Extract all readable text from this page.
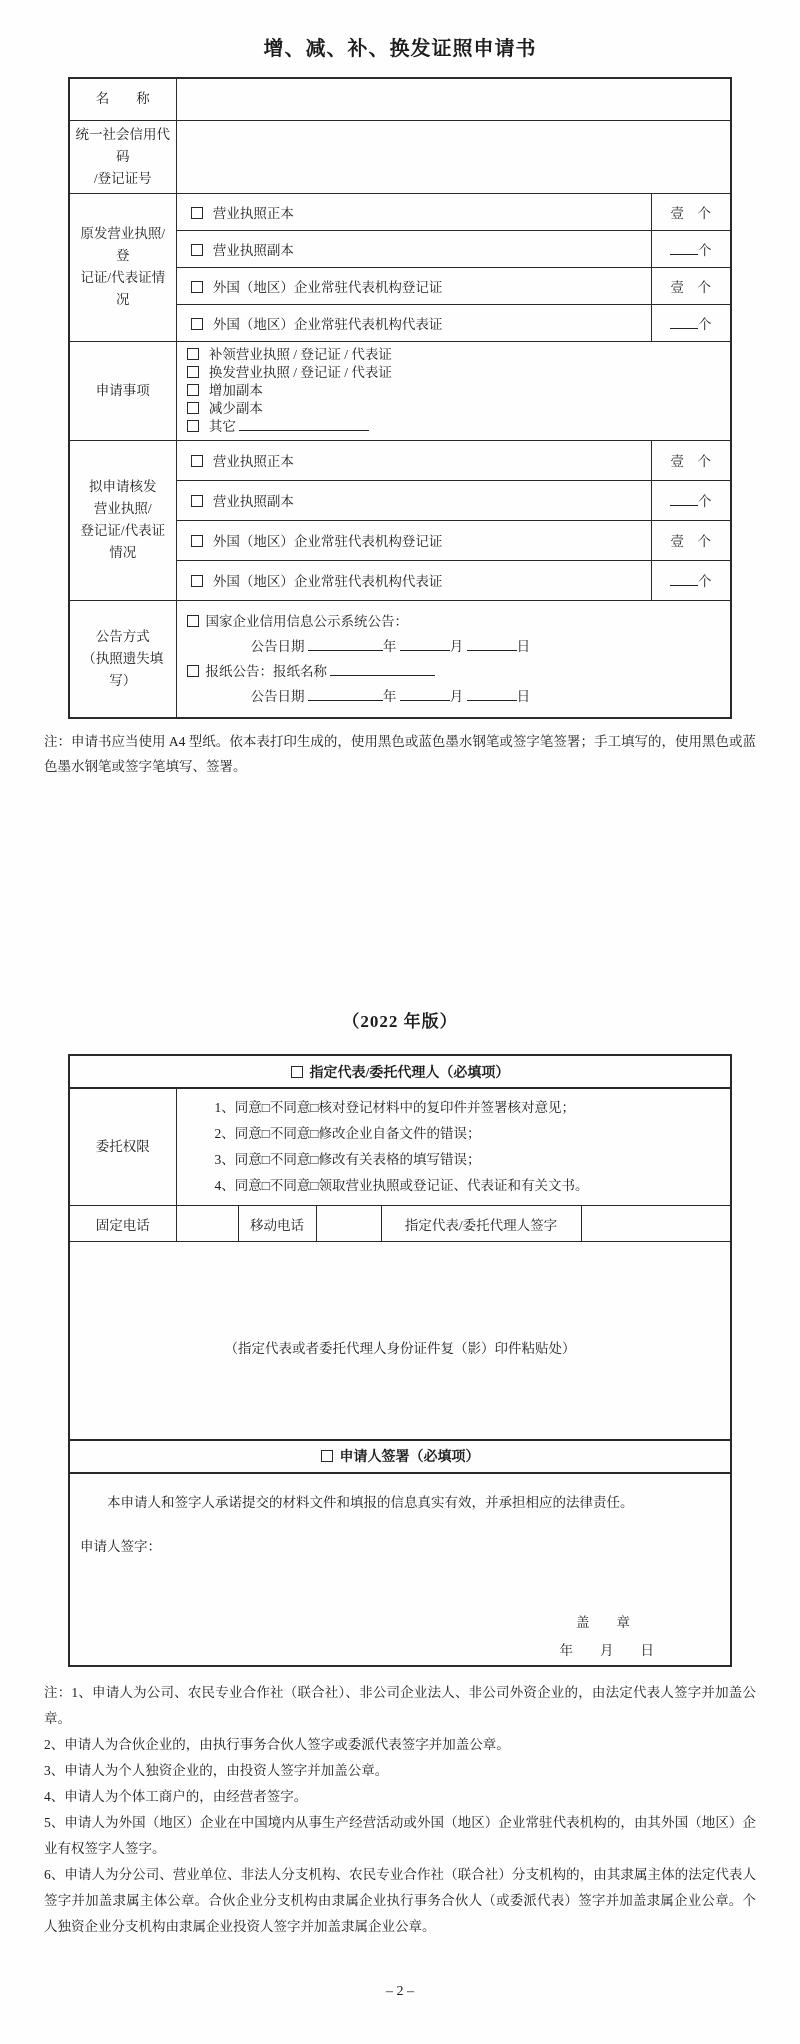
增、减、补、换发证照申请书
名　　称		

统一社会信用代码
/登记证号		

原发营业执照/登
记证/代表证情况	营业执照正本	壹　个
	营业执照副本	个
	外国（地区）企业常驻代表机构登记证	壹　个
	外国（地区）企业常驻代表机构代表证	个
申请事项	补领营业执照 / 登记证 / 代表证
换发营业执照 / 登记证 / 代表证
增加副本
减少副本
其它	

拟申请核发
营业执照/
登记证/代表证
情况	营业执照正本	壹　个
	营业执照副本	个
	外国（地区）企业常驻代表机构登记证	壹　个
	外国（地区）企业常驻代表机构代表证	个

公告方式
（执照遗失填写）

国家企业信用信息公示系统公告：
公告日期	年	月	日
报纸公告：报纸名称
公告日期	年	月	日

注：申请书应当使用 A4 型纸。依本表打印生成的，使用黑色或蓝色墨水钢笔或签字笔签署；手工填写的，使用黑色或蓝色墨水钢笔或签字笔填写、签署。

（2022 年版）
指定代表/委托代理人（必填项）					
委托权限	1、同意□不同意□核对登记材料中的复印件并签署核对意见；
2、同意□不同意□修改企业自备文件的错误；
3、同意□不同意□修改有关表格的填写错误；
4、同意□不同意□领取营业执照或登记证、代表证和有关文书。				

固定电话		移动电话		指定代表/委托代理人签字	
（指定代表或者委托代理人身份证件复（影）印件粘贴处）					
申请人签署（必填项）					

本申请人和签字人承诺提交的材料文件和填报的信息真实有效，并承担相应的法律责任。
申请人签字：
盖　　章
年　　月　　日					

注：1、申请人为公司、农民专业合作社（联合社）、非公司企业法人、非公司外资企业的，由法定代表人签字并加盖公章。

2、申请人为合伙企业的，由执行事务合伙人签字或委派代表签字并加盖公章。

3、申请人为个人独资企业的，由投资人签字并加盖公章。

4、申请人为个体工商户的，由经营者签字。

5、申请人为外国（地区）企业在中国境内从事生产经营活动或外国（地区）企业常驻代表机构的，由其外国（地区）企业有权签字人签字。

6、申请人为分公司、营业单位、非法人分支机构、农民专业合作社（联合社）分支机构的，由其隶属主体的法定代表人签字并加盖隶属主体公章。合伙企业分支机构由隶属企业执行事务合伙人（或委派代表）签字并加盖隶属企业公章。个人独资企业分支机构由隶属企业投资人签字并加盖隶属企业公章。

– 2 –
